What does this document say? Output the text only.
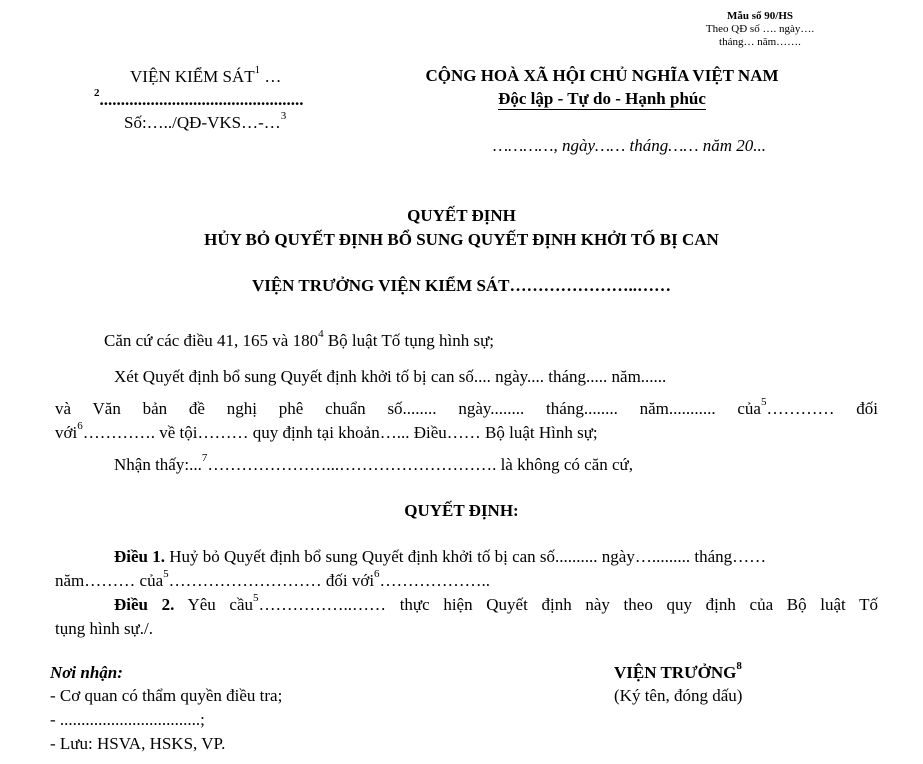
Mẫu số 90/HS
Theo QĐ số …. ngày….
tháng… năm…….
VIỆN KIỂM SÁT$^1$ …
$^2$................................................
Số:…../QĐ-VKS…-…$^3$
CỘNG HOÀ XÃ HỘI CHỦ NGHĨA VIỆT NAM
Độc lập - Tự do - Hạnh phúc
…………, ngày…… tháng…… năm 20...
QUYẾT ĐỊNH
HỦY BỎ QUYẾT ĐỊNH BỔ SUNG QUYẾT ĐỊNH KHỞI TỐ BỊ CAN
VIỆN TRƯỞNG VIỆN KIỂM SÁT…………………..……
Căn cứ các điều 41, 165 và $180^4$ Bộ luật Tố tụng hình sự;
Xét Quyết định bổ sung Quyết định khởi tố bị can số.... ngày.... tháng..... năm......
và Văn bản đề nghị phê chuẩn số........ ngày........ tháng........ năm........... của$^5$………… đối
với$^6$…………. về tội……… quy định tại khoản…... Điều…… Bộ luật Hình sự;
Nhận thấy:...$^7$…………………...………………………. là không có căn cứ,
QUYẾT ĐỊNH:
Điều 1. Huỷ bỏ Quyết định bổ sung Quyết định khởi tố bị can số.......... ngày…......... tháng……
năm……… của$^5$……………………… đối với$^6$………………..
Điều 2. Yêu cầu$^5$……………..…… thực hiện Quyết định này theo quy định của Bộ luật Tố
tụng hình sự./.
Nơi nhận:
- Cơ quan có thẩm quyền điều tra;
- .................................;
- Lưu: HSVA, HSKS, VP.
VIỆN TRƯỞNG$^8$
(Ký tên, đóng dấu)
